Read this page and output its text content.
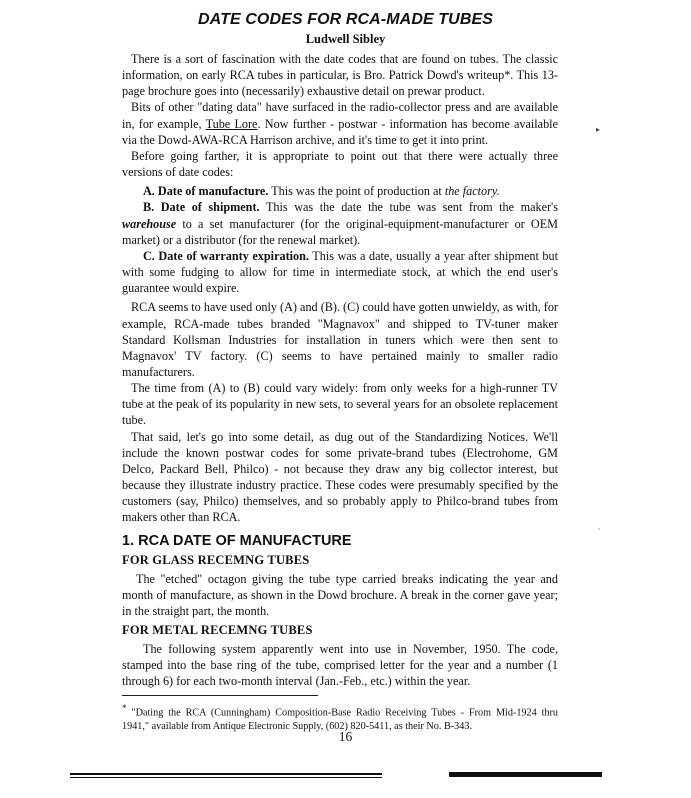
DATE CODES FOR RCA-MADE TUBES
Ludwell Sibley

There is a sort of fascination with the date codes that are found on tubes. The classic information, on early RCA tubes in particular, is Bro. Patrick Dowd's writeup*. This 13-page brochure goes into (necessarily) exhaustive detail on prewar product.

Bits of other "dating data" have surfaced in the radio-collector press and are available in, for example, Tube Lore. Now further - postwar - information has become available via the Dowd-AWA-RCA Harrison archive, and it's time to get it into print.

Before going farther, it is appropriate to point out that there were actually three versions of date codes:

A. Date of manufacture. This was the point of production at the factory.

B. Date of shipment. This was the date the tube was sent from the maker's warehouse to a set manufacturer (for the original-equipment-manufacturer or OEM market) or a distributor (for the renewal market).

C. Date of warranty expiration. This was a date, usually a year after shipment but with some fudging to allow for time in intermediate stock, at which the end user's guarantee would expire.

RCA seems to have used only (A) and (B). (C) could have gotten unwieldy, as with, for example, RCA-made tubes branded "Magnavox" and shipped to TV-tuner maker Standard Kollsman Industries for installation in tuners which were then sent to Magnavox' TV factory. (C) seems to have pertained mainly to smaller radio manufacturers.

The time from (A) to (B) could vary widely: from only weeks for a high-runner TV tube at the peak of its popularity in new sets, to several years for an obsolete replacement tube.

That said, let's go into some detail, as dug out of the Standardizing Notices. We'll include the known postwar codes for some private-brand tubes (Electrohome, GM Delco, Packard Bell, Philco) - not because they draw any big collector interest, but because they illustrate industry practice. These codes were presumably specified by the customers (say, Philco) themselves, and so probably apply to Philco-brand tubes from makers other than RCA.

1. RCA DATE OF MANUFACTURE
FOR GLASS RECEMNG TUBES

The "etched" octagon giving the tube type carried breaks indicating the year and month of manufacture, as shown in the Dowd brochure. A break in the corner gave year; in the straight part, the month.

FOR METAL RECEMNG TUBES

The following system apparently went into use in November, 1950. The code, stamped into the base ring of the tube, comprised letter for the year and a number (1 through 6) for each two-month interval (Jan.-Feb., etc.) within the year.

* "Dating the RCA (Cunningham) Composition-Base Radio Receiving Tubes - From Mid-1924 thru 1941," available from Antique Electronic Supply, (602) 820-5411, as their No. B-343.

16
▸
'
